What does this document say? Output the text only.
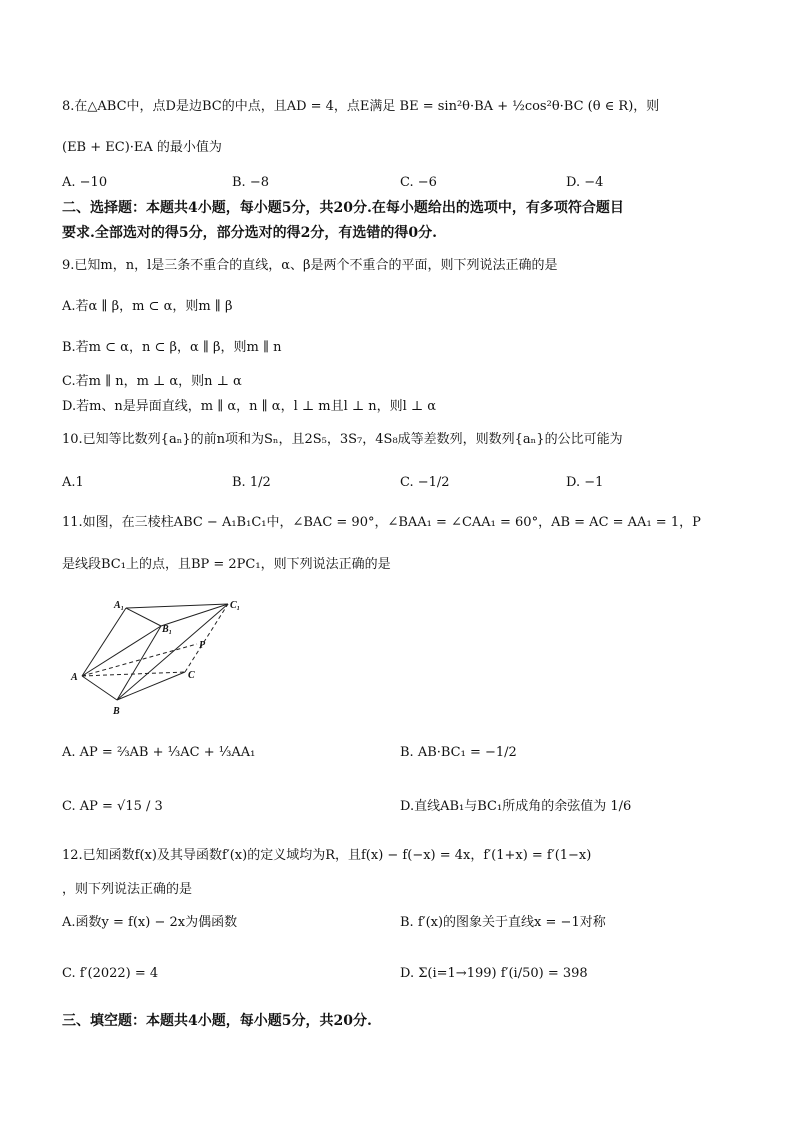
8.在△ABC中，点D是边BC的中点，且AD = 4，点E满足 BE = sin²θ·BA + ½cos²θ·BC (θ ∈ R)，则
(EB + EC)·EA 的最小值为
A. −10	B. −8	C. −6	D. −4
二、选择题：本题共4小题，每小题5分，共20分.在每小题给出的选项中，有多项符合题目
要求.全部选对的得5分，部分选对的得2分，有选错的得0分.
9.已知m，n，l是三条不重合的直线，α、β是两个不重合的平面，则下列说法正确的是
A.若α ∥ β，m ⊂ α，则m ∥ β
B.若m ⊂ α，n ⊂ β，α ∥ β，则m ∥ n
C.若m ∥ n，m ⊥ α，则n ⊥ α
D.若m、n是异面直线，m ∥ α，n ∥ α，l ⊥ m且l ⊥ n，则l ⊥ α
10.已知等比数列{aₙ}的前n项和为Sₙ，且2S₅，3S₇，4S₈成等差数列，则数列{aₙ}的公比可能为
A.1	B. 1/2	C. −1/2	D. −1
11.如图，在三棱柱ABC − A₁B₁C₁中，∠BAC = 90°，∠BAA₁ = ∠CAA₁ = 60°，AB = AC = AA₁ = 1，P
是线段BC₁上的点，且BP = 2PC₁，则下列说法正确的是
A₁
B₁
C₁
P
A
B
C
A. AP = ⅔AB + ⅓AC + ⅓AA₁	B. AB·BC₁ = −1/2
C. AP = √15 / 3	D.直线AB₁与BC₁所成角的余弦值为 1/6
12.已知函数f(x)及其导函数f′(x)的定义域均为R，且f(x) − f(−x) = 4x，f′(1+x) = f′(1−x)
，则下列说法正确的是
A.函数y = f(x) − 2x为偶函数	B. f′(x)的图象关于直线x = −1对称
C. f′(2022) = 4	D. Σ(i=1→199) f′(i/50) = 398
三、填空题：本题共4小题，每小题5分，共20分.
